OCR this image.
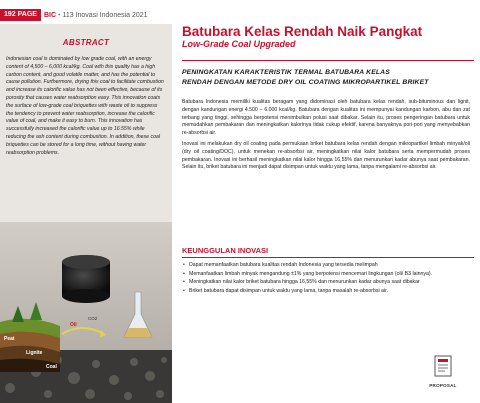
192 PAGE	BIC • 113 Inovasi Indonesia 2021
ABSTRACT
Indonesian coal is dominated by low grade coal, with an energy content of 4,500 – 6,000 kcal/kg. Coal with this quality has a high carbon content, and good volatile matter, and has the potential to cause pollution. Furthermore, drying this coal to facilitate combustion and increase its calorific value has not been effective, because of its porosity that causes water reabsorption easy. This innovation coats the surface of low-grade coal briquettes with waste oil to suppress the tendency to prevent water reabsorption, increase the calorific value of coal, and make it easy to burn. This innovation has successfully increased the calorific value up to 16.55% while reducing the ash content during combustion. In addition, these coal briquettes can be stored for a long time, without having water reabsorption problems.
Peat
Lignite
Coal
Oil
CO2
Batubara Kelas Rendah Naik Pangkat
Low-Grade Coal Upgraded
PENINGKATAN KARAKTERISTIK TERMAL BATUBARA KELAS
RENDAH DENGAN METODE DRY OIL COATING MIKROPARTIKEL BRIKET

Batubara Indonesia memiliki kualitas beragam yang didominasi oleh batubara kelas rendah, sub-bituminous dan lignit, dengan kandungan energi 4.500 – 6.000 kcal/kg. Batubara dengan kualitas ini mempunyai kandungan karbon, abu dan zat terbang yang tinggi, sehingga berpotensi menimbulkan polusi saat dibakar. Selain itu, proses pengeringan batubara untuk memudahkan pembakaran dan meningkatkan kalorinya tidak cukup efektif, karena banyaknya pori-pori yang menyebabkan re-absorbsi air.

Inovasi ini melakukan dry oil coating pada permukaan briket batubara kelas rendah dengan mikropartikel limbah minyak/oli (dry oil coating/DOC), untuk menekan re-absorbsi air, meningkatkan nilai kalor batubara serta mempermudah proses pembakaran. Inovasi ini berhasil meningkatkan nilai kalor hingga 16,55% dan menurunkan kadar abunya saat pembakaran. Selain itu, briket batubara ini menjadi dapat disimpan untuk waktu yang lama, tanpa mengalami re-absorbsi air.

KEUNGGULAN INOVASI
• Dapat memanfaatkan batubara kualitas rendah Indonesia yang tersedia melimpah
• Memanfaatkan limbah minyak mengandung ±1% yang berpotensi mencemari lingkungan (oli/ B3 lainnya).
• Meningkatkan nilai kalor briket batubara hingga 16,55% dan menurunkan kadar abunya saat dibakar
• Briket batubara dapat disimpan untuk waktu yang lama, tanpa masalah re-absorbsi air.
PROPOSAL
